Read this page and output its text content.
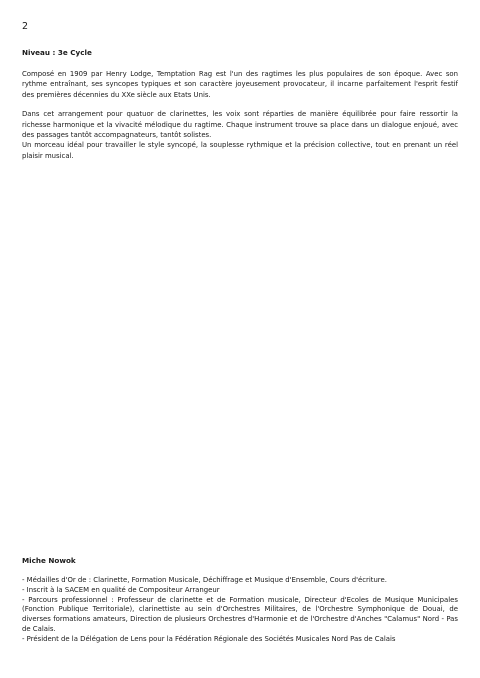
2
Niveau : 3e Cycle

Composé en 1909 par Henry Lodge, Temptation Rag est l'un des ragtimes les plus populaires de son époque. Avec son rythme entraînant, ses syncopes typiques et son caractère joyeusement provocateur, il incarne parfaitement l'esprit festif des premières décennies du XXe siècle aux Etats Unis.

Dans cet arrangement pour quatuor de clarinettes, les voix sont réparties de manière équilibrée pour faire ressortir la richesse harmonique et la vivacité mélodique du ragtime. Chaque instrument trouve sa place dans un dialogue enjoué, avec des passages tantôt accompagnateurs, tantôt solistes.

Un morceau idéal pour travailler le style syncopé, la souplesse rythmique et la précision collective, tout en prenant un réel plaisir musical.

Miche Nowok

- Médailles d'Or de : Clarinette, Formation Musicale, Déchiffrage et Musique d'Ensemble, Cours d'écriture.

- Inscrit à la SACEM en qualité de Compositeur Arrangeur

- Parcours professionnel : Professeur de clarinette et de Formation musicale, Directeur d'Ecoles de Musique Municipales (Fonction Publique Territoriale), clarinettiste au sein d'Orchestres Militaires, de l'Orchestre Symphonique de Douai, de diverses formations amateurs, Direction de plusieurs Orchestres d'Harmonie et de l'Orchestre d'Anches "Calamus" Nord - Pas de Calais.

- Président de la Délégation de Lens pour la Fédération Régionale des Sociétés Musicales Nord Pas de Calais
